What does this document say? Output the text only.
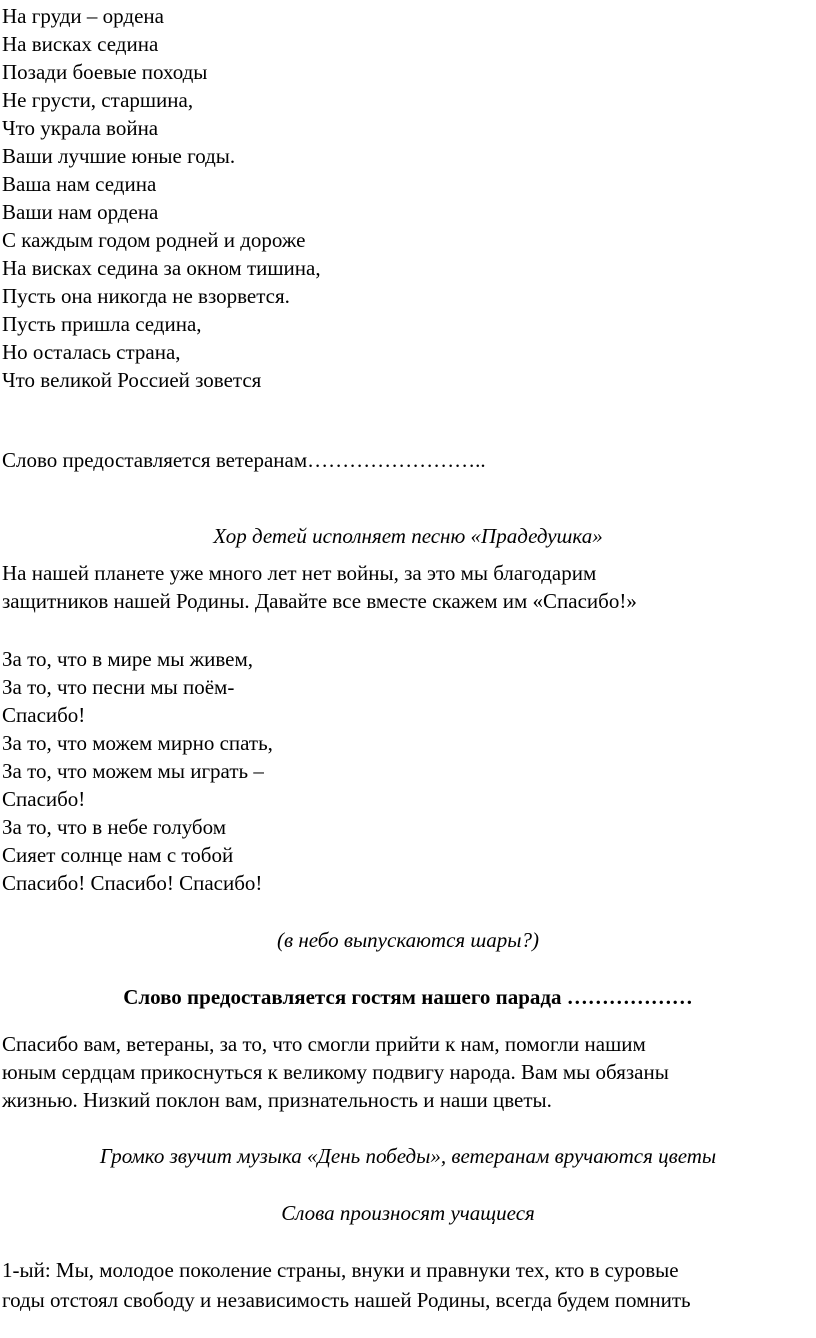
На груди – ордена
На висках седина
Позади боевые походы
Не грусти, старшина,
Что украла война
Ваши лучшие юные годы.
Ваша нам седина
Ваши нам ордена
С каждым годом родней и дороже
На висках седина за окном тишина,
Пусть она никогда не взорвется.
Пусть пришла седина,
Но осталась страна,
Что великой Россией зовется
Слово предоставляется ветеранам……………………..
Хор детей исполняет песню «Прадедушка»
На нашей планете уже много лет нет войны, за это мы благодарим
защитников нашей Родины. Давайте все вместе скажем им «Спасибо!»
За то, что в мире мы живем,
За то, что песни мы поём-
Спасибо!
За то, что можем мирно спать,
За то, что можем мы играть –
Спасибо!
За то, что в небе голубом
Сияет солнце нам с тобой
Спасибо! Спасибо! Спасибо!
(в небо выпускаются шары?)
Слово предоставляется гостям нашего парада ………………
Спасибо вам, ветераны, за то, что смогли прийти к нам, помогли нашим
юным сердцам прикоснуться к великому подвигу народа. Вам мы обязаны
жизнью. Низкий поклон вам, признательность и наши цветы.
Громко звучит музыка «День победы», ветеранам вручаются цветы
Слова произносят учащиеся
1-ый: Мы, молодое поколение страны, внуки и правнуки тех, кто в суровые
годы отстоял свободу и независимость нашей Родины, всегда будем помнить
